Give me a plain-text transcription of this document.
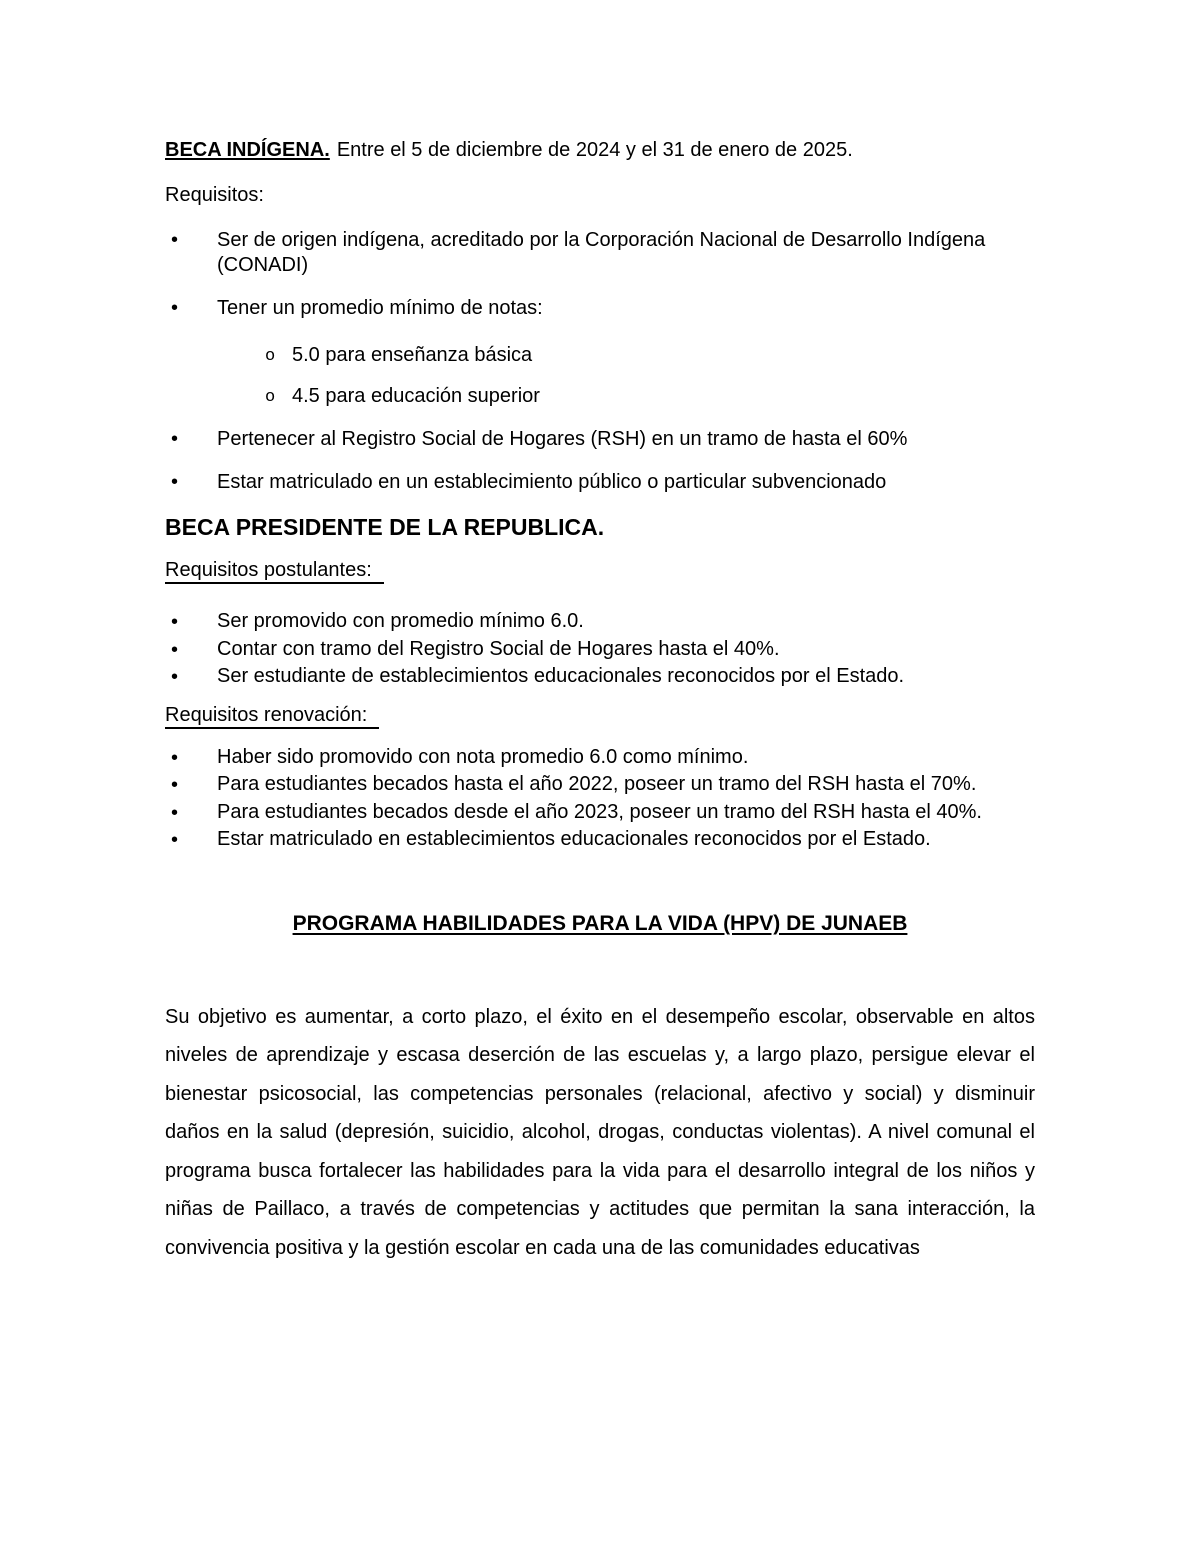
BECA INDÍGENA. Entre el 5 de diciembre de 2024 y el 31 de enero de 2025.

Requisitos:

• Ser de origen indígena, acreditado por la Corporación Nacional de Desarrollo Indígena (CONADI)
• Tener un promedio mínimo de notas:
o 5.0 para enseñanza básica
o 4.5 para educación superior
• Pertenecer al Registro Social de Hogares (RSH) en un tramo de hasta el 60%
• Estar matriculado en un establecimiento público o particular subvencionado
BECA PRESIDENTE DE LA REPUBLICA.

Requisitos postulantes:

• Ser promovido con promedio mínimo 6.0.
• Contar con tramo del Registro Social de Hogares hasta el 40%.
• Ser estudiante de establecimientos educacionales reconocidos por el Estado.

Requisitos renovación:

• Haber sido promovido con nota promedio 6.0 como mínimo.
• Para estudiantes becados hasta el año 2022, poseer un tramo del RSH hasta el 70%.
• Para estudiantes becados desde el año 2023, poseer un tramo del RSH hasta el 40%.
• Estar matriculado en establecimientos educacionales reconocidos por el Estado.

PROGRAMA HABILIDADES PARA LA VIDA (HPV) DE JUNAEB

Su objetivo es aumentar, a corto plazo, el éxito en el desempeño escolar, observable en altos niveles de aprendizaje y escasa deserción de las escuelas y, a largo plazo, persigue elevar el bienestar psicosocial, las competencias personales (relacional, afectivo y social) y disminuir daños en la salud (depresión, suicidio, alcohol, drogas, conductas violentas). A nivel comunal el programa busca fortalecer las habilidades para la vida para el desarrollo integral de los niños y niñas de Paillaco, a través de competencias y actitudes que permitan la sana interacción, la convivencia positiva y la gestión escolar en cada una de las comunidades educativas
